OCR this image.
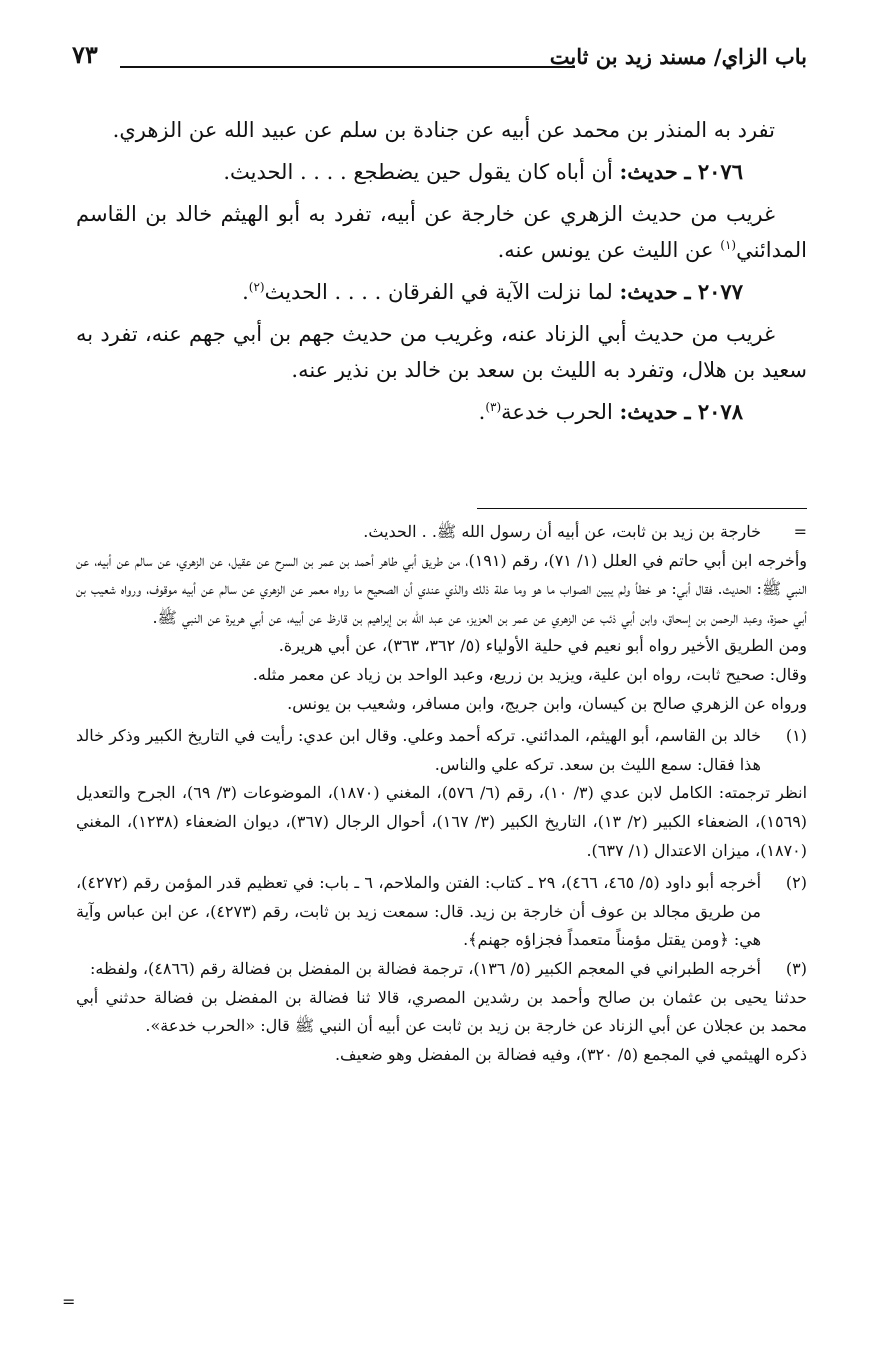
باب الزاي/ مسند زيد بن ثابت
٧٣

تفرد به المنذر بن محمد عن أبيه عن جنادة بن سلم عن عبيد الله عن الزهري.

٢٠٧٦ ـ حديث: أن أباه كان يقول حين يضطجع . . . . الحديث.

غريب من حديث الزهري عن خارجة عن أبيه، تفرد به أبو الهيثم خالد بن القاسم المدائني$^{(١)}$ عن الليث عن يونس عنه.

٢٠٧٧ ـ حديث: لما نزلت الآية في الفرقان . . . . الحديث$^{(٢)}$.

غريب من حديث أبي الزناد عنه، وغريب من حديث جهم بن أبي جهم عنه، تفرد به سعيد بن هلال، وتفرد به الليث بن سعد بن خالد بن نذير عنه.

٢٠٧٨ ـ حديث: الحرب خدعة$^{(٣)}$.

=

خارجة بن زيد بن ثابت، عن أبيه أن رسول الله ﷺ. . الحديث.

وأخرجه ابن أبي حاتم في العلل (١/ ٧١)، رقم (١٩١)، من طريق أبي طاهر أحمد بن عمر بن السرح عن عقيل، عن الزهري، عن سالم عن أبيه، عن النبي ﷺ: الحديث. فقال أبي: هو خطأ ولم يبين الصواب ما هو وما علة ذلك والذي عندي أن الصحيح ما رواه معمر عن الزهري عن سالم عن أبيه موقوف، ورواه شعيب بن أبي حمزة، وعبد الرحمن بن إسحاق، وابن أبي ذئب عن الزهري عن عمر بن العزيز، عن عبد الله بن إبراهيم بن قارظ عن أبيه، عن أبي هريرة عن النبي ﷺ.

ومن الطريق الأخير رواه أبو نعيم في حلية الأولياء (٥/ ٣٦٢، ٣٦٣)، عن أبي هريرة.

وقال: صحيح ثابت، رواه ابن علية، ويزيد بن زريع، وعبد الواحد بن زياد عن معمر مثله.

ورواه عن الزهري صالح بن كيسان، وابن جريج، وابن مسافر، وشعيب بن يونس.

(١)

خالد بن القاسم، أبو الهيثم، المدائني. تركه أحمد وعلي. وقال ابن عدي: رأيت في التاريخ الكبير وذكر خالد هذا فقال: سمع الليث بن سعد. تركه علي والناس.

انظر ترجمته: الكامل لابن عدي (٣/ ١٠)، رقم (٦/ ٥٧٦)، المغني (١٨٧٠)، الموضوعات (٣/ ٦٩)، الجرح والتعديل (١٥٦٩)، الضعفاء الكبير (٢/ ١٣)، التاريخ الكبير (٣/ ١٦٧)، أحوال الرجال (٣٦٧)، ديوان الضعفاء (١٢٣٨)، المغني (١٨٧٠)، ميزان الاعتدال (١/ ٦٣٧).

(٢)

أخرجه أبو داود (٥/ ٤٦٥، ٤٦٦)، ٢٩ ـ كتاب: الفتن والملاحم، ٦ ـ باب: في تعظيم قدر المؤمن رقم (٤٢٧٢)، من طريق مجالد بن عوف أن خارجة بن زيد. قال: سمعت زيد بن ثابت، رقم (٤٢٧٣)، عن ابن عباس وآية هي: ﴿ومن يقتل مؤمناً متعمداً فجزاؤه جهنم﴾.

(٣)

أخرجه الطبراني في المعجم الكبير (٥/ ١٣٦)، ترجمة فضالة بن المفضل بن فضالة رقم (٤٨٦٦)، ولفظه:

حدثنا يحيى بن عثمان بن صالح وأحمد بن رشدين المصري، قالا ثنا فضالة بن المفضل بن فضالة حدثني أبي محمد بن عجلان عن أبي الزناد عن خارجة بن زيد بن ثابت عن أبيه أن النبي ﷺ قال: «الحرب خدعة».

ذكره الهيثمي في المجمع (٥/ ٣٢٠)، وفيه فضالة بن المفضل وهو ضعيف.

=
